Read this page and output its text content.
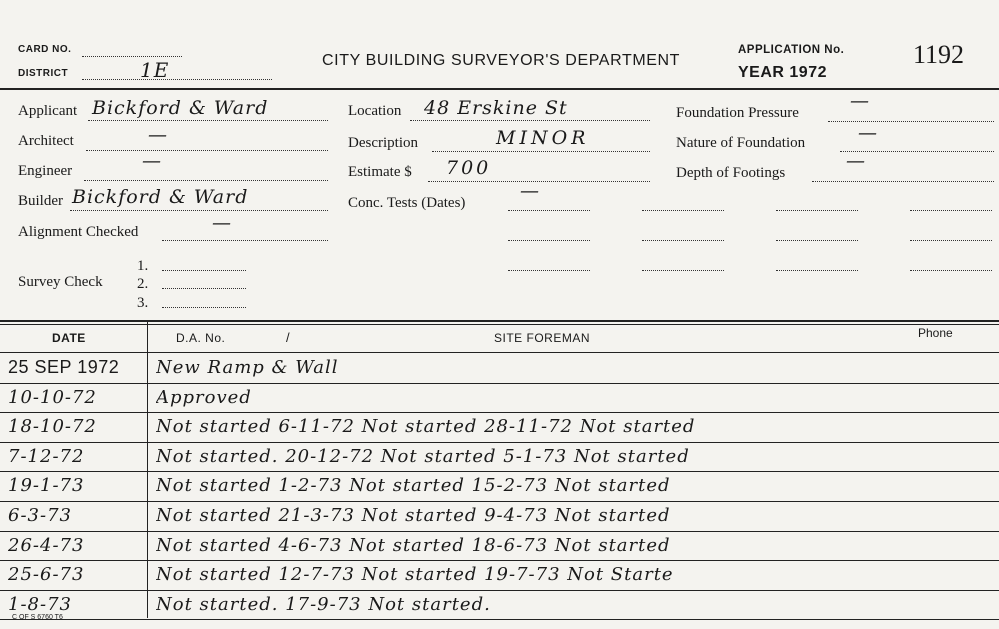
CARD NO.
DISTRICT	1E	CITY BUILDING SURVEYOR'S DEPARTMENT
APPLICATION No.	1192
YEAR 1972
Applicant Bickford & Ward
Architect	—
Engineer	—
Builder Bickford & Ward
Alignment Checked	—
Survey Check
1.
2.
3.
Location 48 Erskine St
Description	MINOR
Estimate $ 700
Conc. Tests (Dates)
—
Foundation Pressure
—
Nature of Foundation	—
Depth of Footings
—
DATE	D.A. No.	/	SITE FOREMAN	Phone
25 SEP 1972 New Ramp & Wall
10-10-72	Approved
18-10-72	Not started 6-11-72 Not started 28-11-72 Not started
7-12-72	Not started. 20-12-72 Not started 5-1-73 Not started
19-1-73	Not started 1-2-73 Not started 15-2-73 Not started
6-3-73	Not started 21-3-73 Not started 9-4-73 Not started
26-4-73	Not started 4-6-73 Not started 18-6-73 Not started
25-6-73	Not started 12-7-73 Not started 19-7-73 Not Starte
1-8-73	Not started. 17-9-73 Not started.
C OF S 6760 T6
